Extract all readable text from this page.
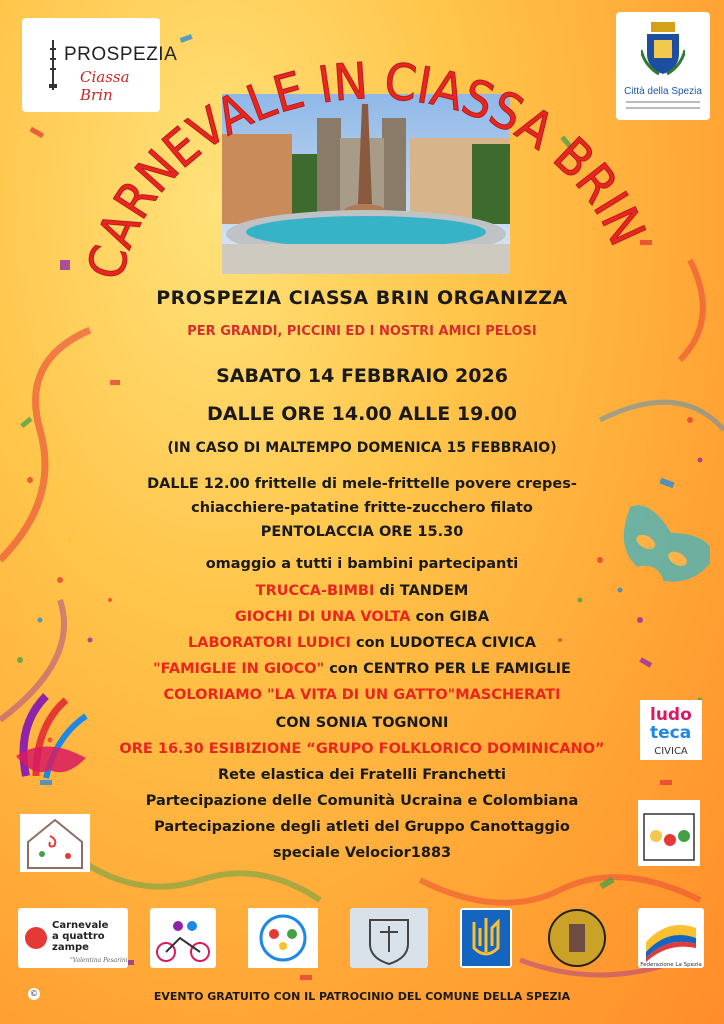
PROSPEZIA
Ciassa Brin	Città della Spezia
CARNEVALE IN CIASSA BRIN
PROSPEZIA CIASSA BRIN ORGANIZZA
PER GRANDI, PICCINI ED I NOSTRI AMICI PELOSI
SABATO 14 FEBBRAIO 2026
DALLE ORE 14.00 ALLE 19.00
(IN CASO DI MALTEMPO DOMENICA 15 FEBBRAIO)
DALLE 12.00 frittelle di mele-frittelle povere crepes-
chiacchiere-patatine fritte-zucchero filato
PENTOLACCIA ORE 15.30
omaggio a tutti i bambini partecipanti
TRUCCA-BIMBI di TANDEM
GIOCHI DI UNA VOLTA con GIBA
LABORATORI LUDICI con LUDOTECA CIVICA
"FAMIGLIE IN GIOCO" con CENTRO PER LE FAMIGLIE
COLORIAMO "LA VITA DI UN GATTO"MASCHERATI
CON SONIA TOGNONI
ORE 16.30 ESIBIZIONE “GRUPO FOLKLORICO DOMINICANO”
Rete elastica dei Fratelli Franchetti
Partecipazione delle Comunità Ucraina e Colombiana
Partecipazione degli atleti del Gruppo Canottaggio
speciale Velocior1883
ludo
teca
CIVICA
Carnevale
a quattro
zampe
"Valentina Pesarini"
Federazione La Spezia
©	EVENTO GRATUITO CON IL PATROCINIO DEL COMUNE DELLA SPEZIA
